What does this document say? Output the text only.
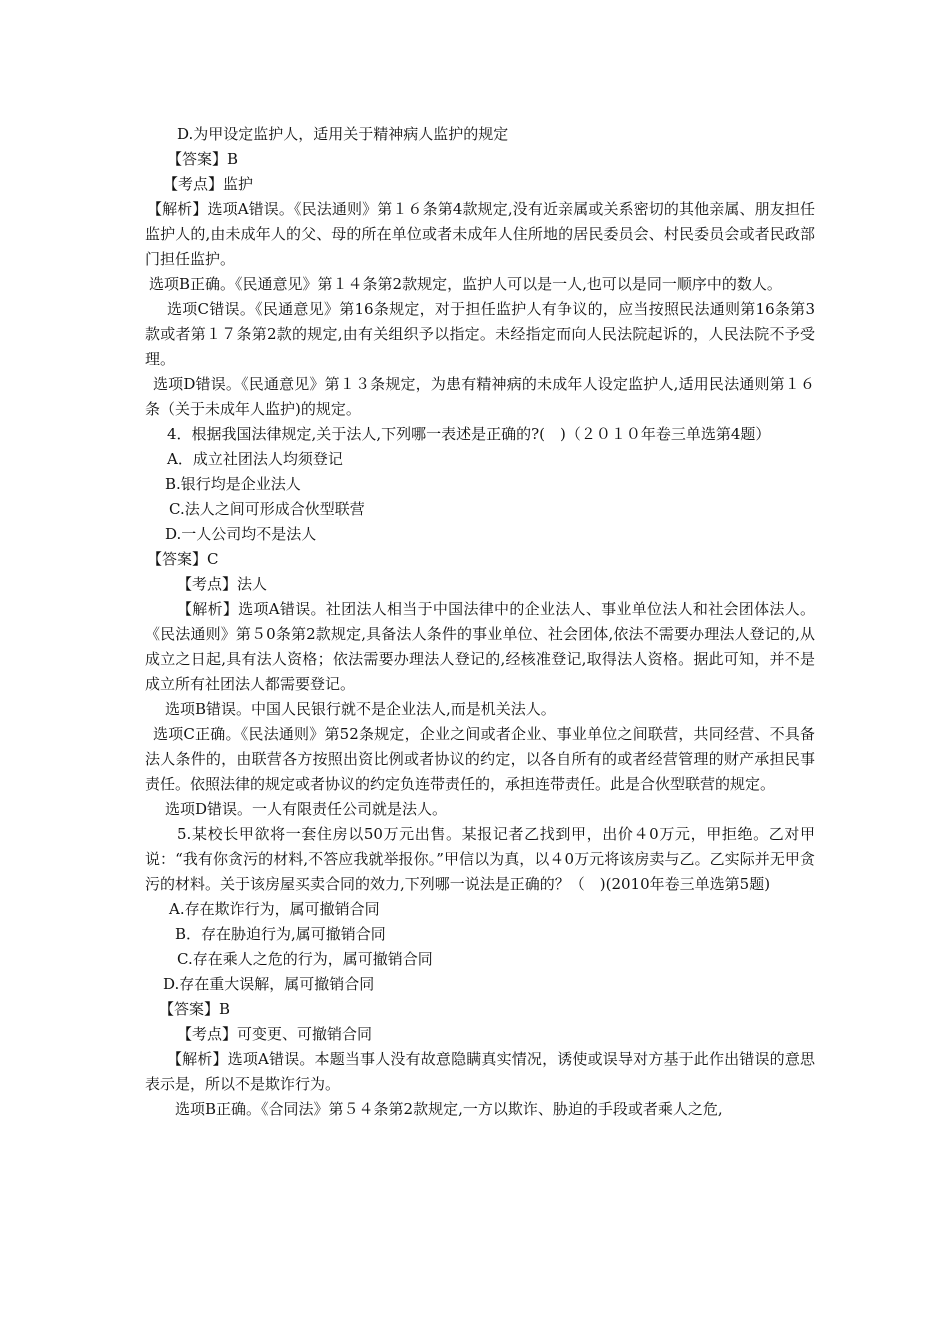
D.为甲设定监护人，适用关于精神病人监护的规定

【答案】B

【考点】监护

【解析】选项A错误。《民法通则》第１６条第4款规定,没有近亲属或关系密切的其他亲属、朋友担任监护人的,由未成年人的父、母的所在单位或者未成年人住所地的居民委员会、村民委员会或者民政部门担任监护。

选项B正确。《民通意见》第１４条第2款规定，监护人可以是一人,也可以是同一顺序中的数人。

选项C错误。《民通意见》第16条规定，对于担任监护人有争议的，应当按照民法通则第16条第3款或者第１７条第2款的规定,由有关组织予以指定。未经指定而向人民法院起诉的，人民法院不予受理。

选项D错误。《民通意见》第１３条规定，为患有精神病的未成年人设定监护人,适用民法通则第１６条（关于未成年人监护)的规定。

4．根据我国法律规定,关于法人,下列哪一表述是正确的?(　)（２０１０年卷三单选第4题）

A．成立社团法人均须登记

B.银行均是企业法人

C.法人之间可形成合伙型联营

D.一人公司均不是法人

【答案】C

【考点】法人

【解析】选项A错误。社团法人相当于中国法律中的企业法人、事业单位法人和社会团体法人。《民法通则》第５0条第2款规定,具备法人条件的事业单位、社会团体,依法不需要办理法人登记的,从成立之日起,具有法人资格；依法需要办理法人登记的,经核准登记,取得法人资格。据此可知，并不是成立所有社团法人都需要登记。

选项B错误。中国人民银行就不是企业法人,而是机关法人。

选项C正确。《民法通则》第52条规定，企业之间或者企业、事业单位之间联营，共同经营、不具备法人条件的，由联营各方按照出资比例或者协议的约定，以各自所有的或者经营管理的财产承担民事责任。依照法律的规定或者协议的约定负连带责任的，承担连带责任。此是合伙型联营的规定。

选项D错误。一人有限责任公司就是法人。

5.某校长甲欲将一套住房以50万元出售。某报记者乙找到甲，出价４0万元，甲拒绝。乙对甲说：“我有你贪污的材料,不答应我就举报你。”甲信以为真，以４0万元将该房卖与乙。乙实际并无甲贪污的材料。关于该房屋买卖合同的效力,下列哪一说法是正确的？（　)(2010年卷三单选第5题)

A.存在欺诈行为，属可撤销合同

B．存在胁迫行为,属可撤销合同

C.存在乘人之危的行为，属可撤销合同

D.存在重大误解，属可撤销合同

【答案】B

【考点】可变更、可撤销合同

【解析】选项A错误。本题当事人没有故意隐瞒真实情况，诱使或误导对方基于此作出错误的意思表示是，所以不是欺诈行为。

选项B正确。《合同法》第５４条第2款规定,一方以欺诈、胁迫的手段或者乘人之危,
